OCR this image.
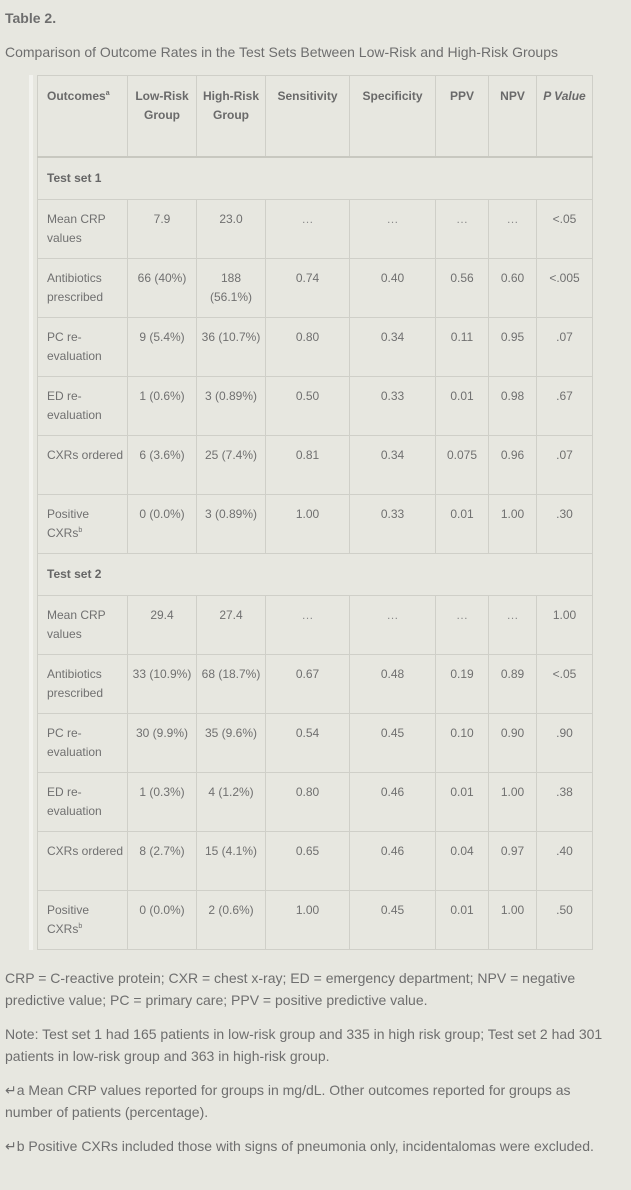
Table 2.
Comparison of Outcome Rates in the Test Sets Between Low-Risk and High-Risk Groups
Outcomes$^a$	Low-Risk Group	High-Risk Group	Sensitivity	Specificity	PPV	NPV	P Value
Test set 1							
Mean CRP values	7.9	23.0	…	…	…	…	<.05
Antibiotics prescribed	66 (40%)	188 (56.1%)	0.74	0.40	0.56	0.60	<.005
PC re-evaluation	9 (5.4%)	36 (10.7%)	0.80	0.34	0.11	0.95	.07
ED re-evaluation	1 (0.6%)	3 (0.89%)	0.50	0.33	0.01	0.98	.67
CXRs ordered	6 (3.6%)	25 (7.4%)	0.81	0.34	0.075	0.96	.07
Positive CXRs$^b$	0 (0.0%)	3 (0.89%)	1.00	0.33	0.01	1.00	.30
Test set 2							
Mean CRP values	29.4	27.4	…	…	…	…	1.00
Antibiotics prescribed	33 (10.9%)	68 (18.7%)	0.67	0.48	0.19	0.89	<.05
PC re-evaluation	30 (9.9%)	35 (9.6%)	0.54	0.45	0.10	0.90	.90
ED re-evaluation	1 (0.3%)	4 (1.2%)	0.80	0.46	0.01	1.00	.38
CXRs ordered	8 (2.7%)	15 (4.1%)	0.65	0.46	0.04	0.97	.40
Positive CXRs$^b$	0 (0.0%)	2 (0.6%)	1.00	0.45	0.01	1.00	.50

CRP = C-reactive protein; CXR = chest x-ray; ED = emergency department; NPV = negative predictive value; PC = primary care; PPV = positive predictive value.

Note: Test set 1 had 165 patients in low-risk group and 335 in high risk group; Test set 2 had 301 patients in low-risk group and 363 in high-risk group.

↵a Mean CRP values reported for groups in mg/dL. Other outcomes reported for groups as number of patients (percentage).

↵b Positive CXRs included those with signs of pneumonia only, incidentalomas were excluded.
